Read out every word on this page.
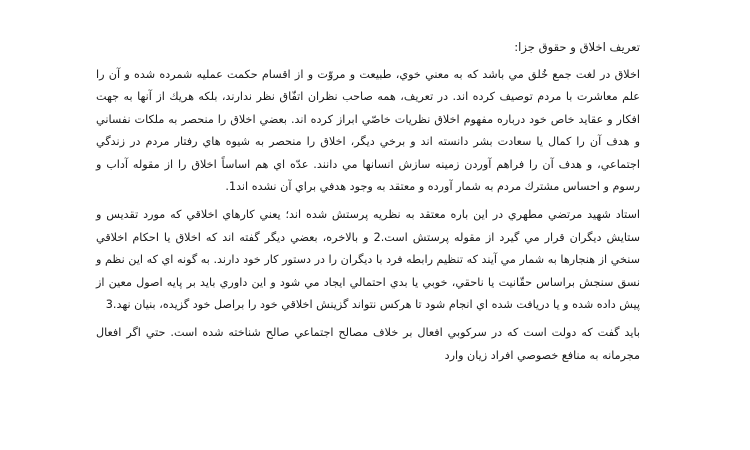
تعريف اخلاق و حقوق جزا:

اخلاق در لغت جمع خُلق مي باشد كه به معني خوي، طبيعت و مروّت و از اقسام حكمت عمليه شمرده شده و آن را علم معاشرت با مردم توصيف كرده اند. در تعريف، همه صاحب نظران اتفّاق نظر ندارند، بلكه هريك از آنها به جهت افكار و عقايد خاص خود درباره مفهوم اخلاق نظريات خاصّي ابراز كرده اند. بعضي اخلاق را منحصر به ملكات نفساني و هدف آن را كمال يا سعادت بشر دانسته اند و برخي ديگر، اخلاق را منحصر به شيوه هاي رفتار مردم در زندگي اجتماعي، و هدف آن را فراهم آوردن زمينه سازش انسانها مي دانند. عدّه اي هم اساساً اخلاق را از مقوله آداب و رسوم و احساس مشترك مردم به شمار آورده و معتقد به وجود هدفي براي آن نشده اند1.

استاد شهيد مرتضي مطهري در اين باره معتقد به نظريه پرستش شده اند؛ يعني كارهاي اخلاقي كه مورد تقديس و ستايش ديگران قرار مي گيرد از مقوله پرستش است.2 و بالاخره، بعضي ديگر گفته اند كه اخلاق يا احكام اخلاقي سنخي از هنجارها به شمار مي آيند كه تنظيم رابطه فرد با ديگران را در دستور كار خود دارند. به گونه اي كه اين نظم و نسق سنجش براساس حقّانيت يا ناحقي، خوبي يا بدي احتمالي ايجاد مي شود و اين داوري بايد بر پايه اصول معين از پيش داده شده و يا دريافت شده اي انجام شود تا هركس نتواند گزينش اخلاقي خود را براصل خود گزيده، بنيان نهد.3

بايد گفت كه دولت است كه در سركوبي افعال بر خلاف مصالح اجتماعي صالح شناخته شده است. حتي اگر افعال مجرمانه به منافع خصوصي افراد زيان وارد
